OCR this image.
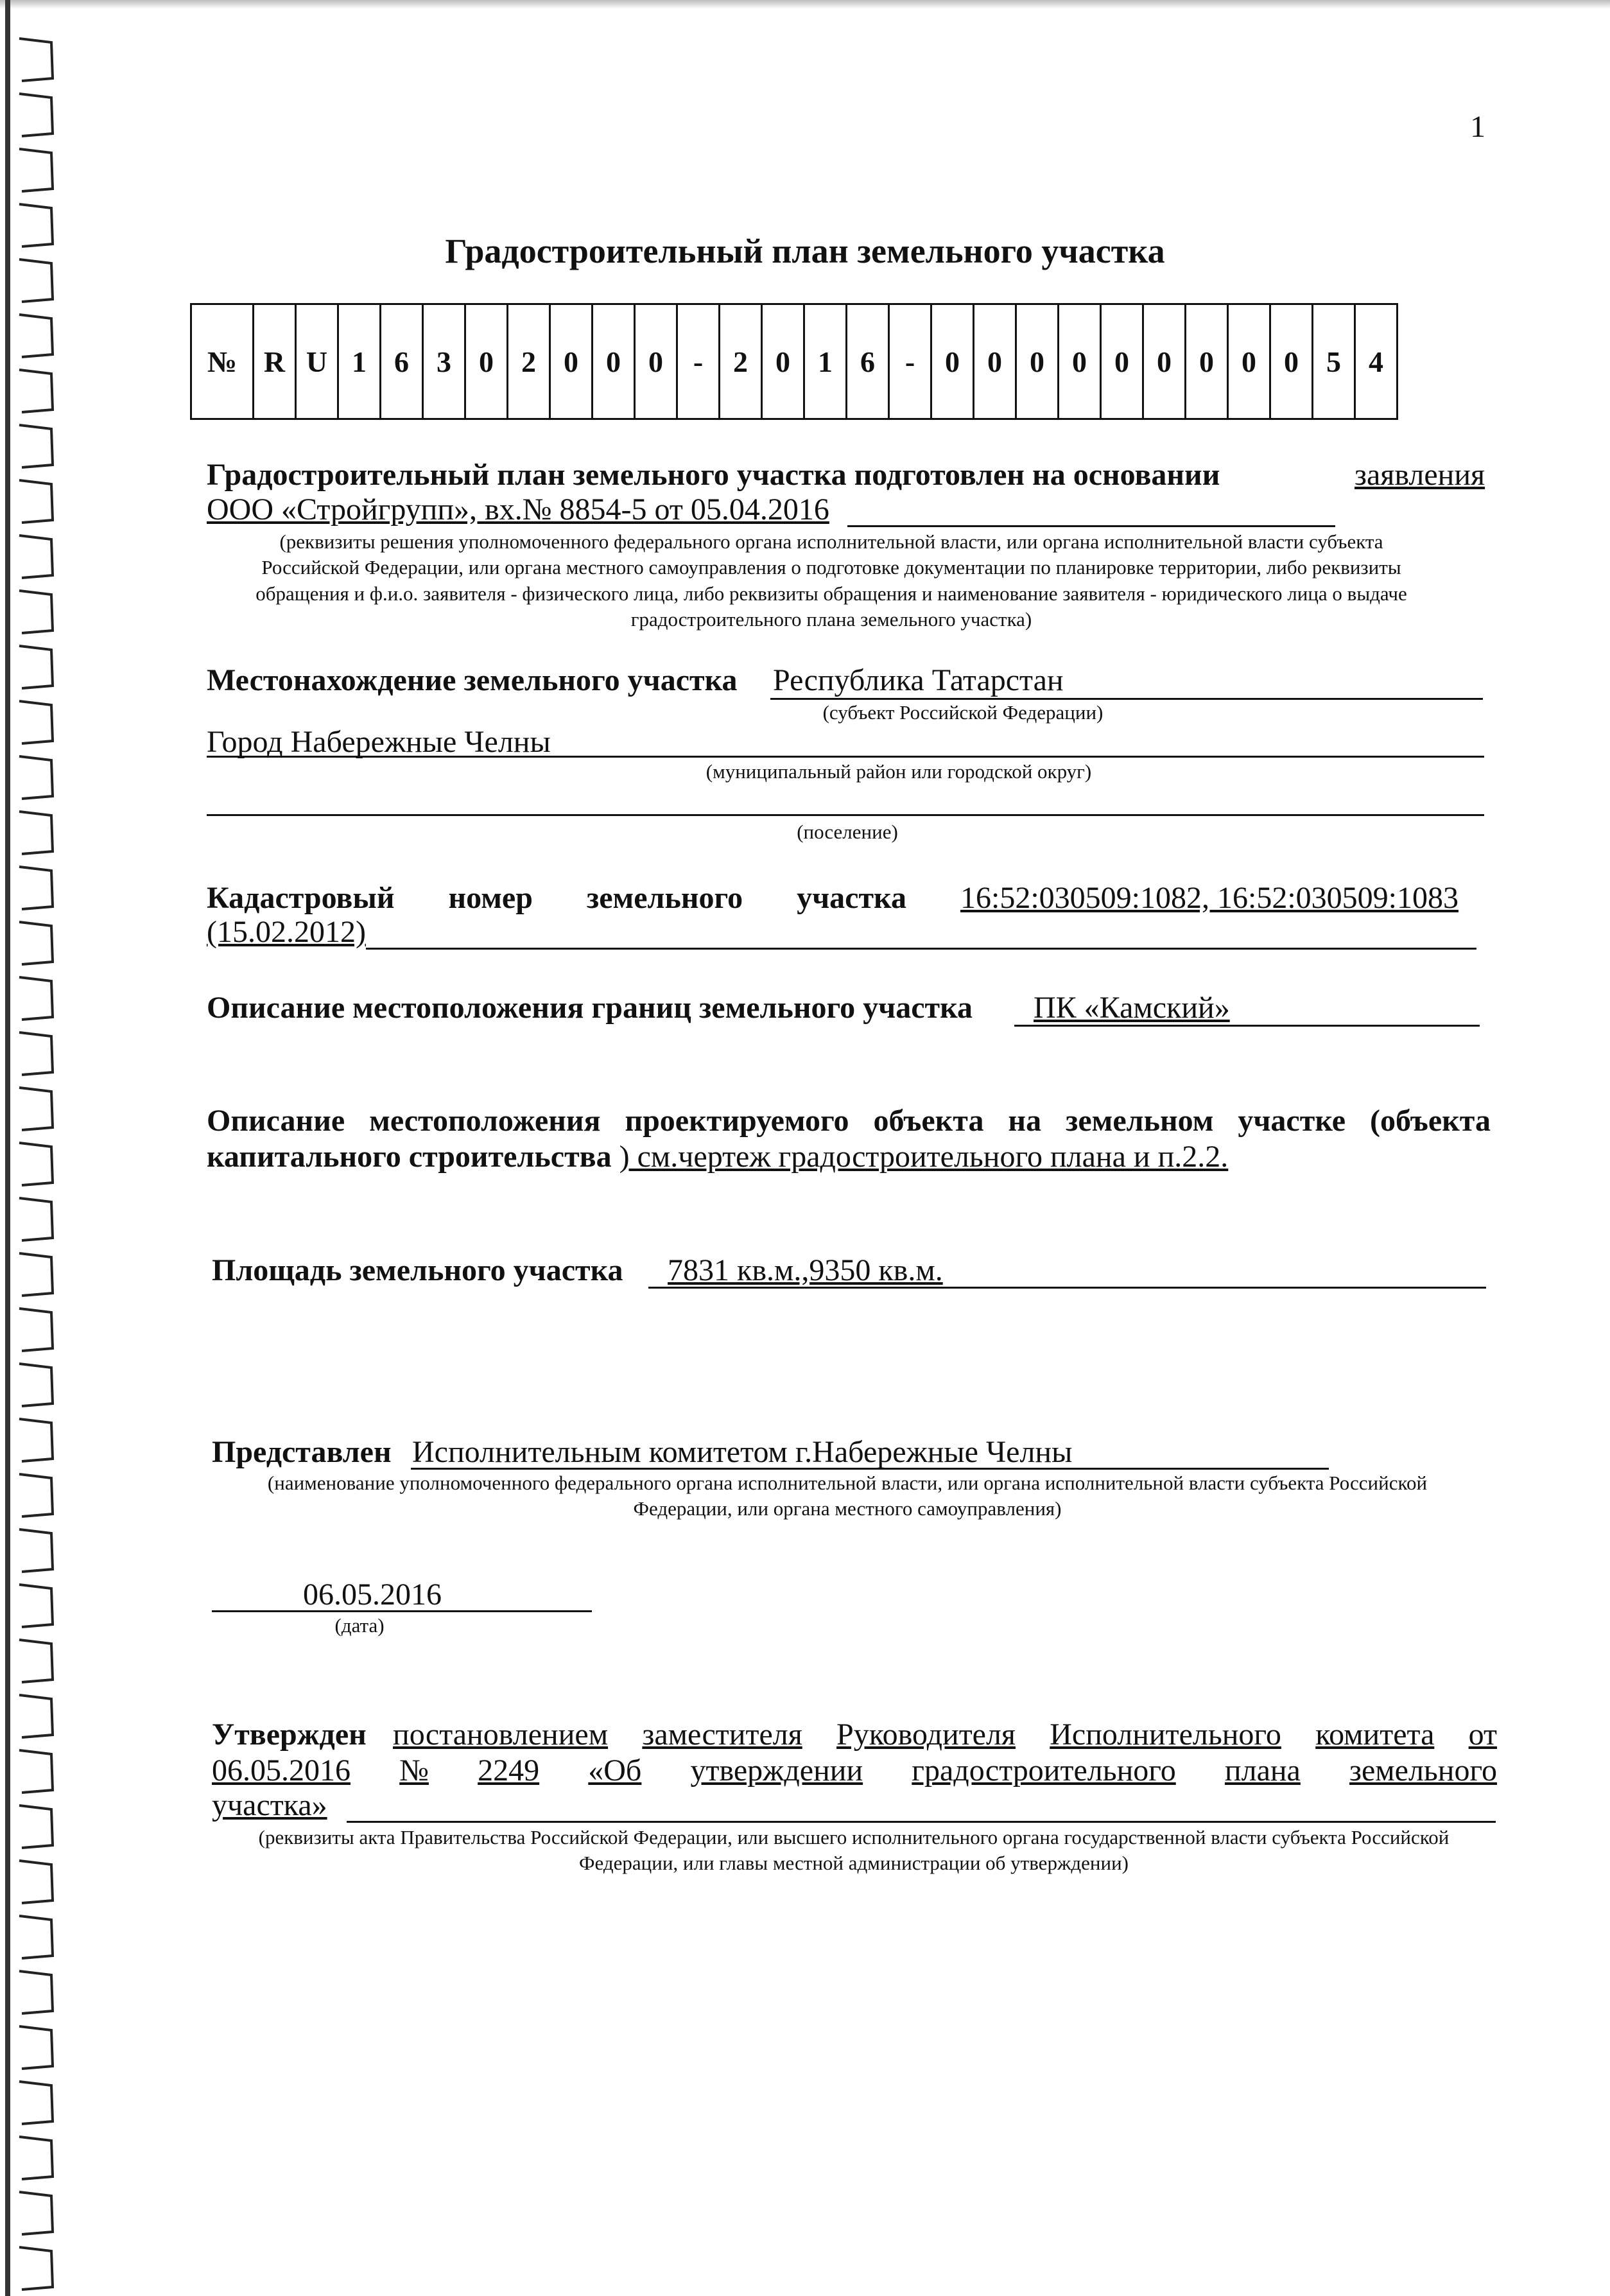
1
Градостроительный план земельного участка
№	R	U	1	6	3	0	2	0	0	0	-	2	0	1	6	-	0	0	0	0	0	0	0	0	0	5	4
Градостроительный план земельного участка подготовлен на основании	заявления
ООО «Стройгрупп», вх.№ 8854-5 от 05.04.2016
(реквизиты решения уполномоченного федерального органа исполнительной власти, или органа исполнительной власти субъекта
Российской Федерации, или органа местного самоуправления о подготовке документации по планировке территории, либо реквизиты
обращения и ф.и.о. заявителя - физического лица, либо реквизиты обращения и наименование заявителя - юридического лица о выдаче
градостроительного плана земельного участка)
Местонахождение земельного участка Республика Татарстан
(субъект Российской Федерации)
Город Набережные Челны
(муниципальный район или городской округ)
(поселение)
Кадастровый номер земельного участка 16:52:030509:1082, 16:52:030509:1083
(15.02.2012)
Описание местоположения границ земельного участка ПК «Камский»
Описание местоположения проектируемого объекта на земельном участке (объекта
капитального строительства ) см.чертеж градостроительного плана и п.2.2.
Площадь земельного участка 7831 кв.м.,9350 кв.м.
Представлен Исполнительным комитетом г.Набережные Челны
(наименование уполномоченного федерального органа исполнительной власти, или органа исполнительной власти субъекта Российской
Федерации, или органа местного самоуправления)
06.05.2016
(дата)
Утвержден постановлением заместителя Руководителя Исполнительного комитета от
06.05.2016 № 2249 «Об утверждении градостроительного плана земельного
участка»
(реквизиты акта Правительства Российской Федерации, или высшего исполнительного органа государственной власти субъекта Российской
Федерации, или главы местной администрации об утверждении)
